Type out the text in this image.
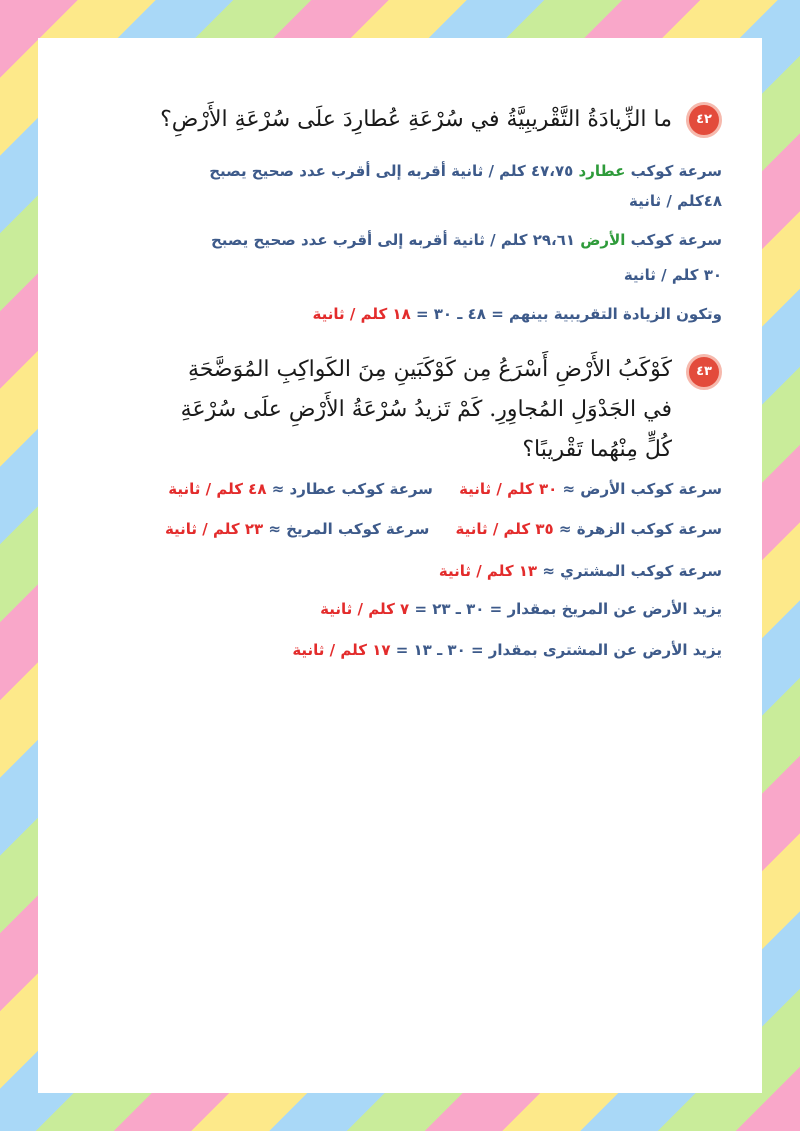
٤٢
ما الزِّيادَةُ التَّقْريبِيَّةُ في سُرْعَةِ عُطارِدَ علَى سُرْعَةِ الأَرْضِ؟
سرعة كوكب عطارد ٤٧،٧٥ كلم / ثانية أقربه إلى أقرب عدد صحيح يصبح
٤٨كلم / ثانية
سرعة كوكب الأرض ٢٩،٦١ كلم / ثانية أقربه إلى أقرب عدد صحيح يصبح
٣٠ كلم / ثانية
وتكون الزيادة التقريبية بينهم = ٤٨ ـ ٣٠ = ١٨ كلم / ثانية
٤٣
كَوْكَبُ الأَرْضِ أَسْرَعُ مِن كَوْكَبَينِ مِنَ الكَواكِبِ المُوَضَّحَةِ في الجَدْوَلِ المُجاوِرِ. كَمْ تَزيدُ سُرْعَةُ الأَرْضِ علَى سُرْعَةِ كُلٍّ مِنْهُما تَقْريبًا؟
سرعة كوكب الأرض ≈ ٣٠ كلم / ثانية     سرعة كوكب عطارد ≈ ٤٨ كلم / ثانية
سرعة كوكب الزهرة ≈ ٣٥ كلم / ثانية     سرعة كوكب المريخ ≈ ٢٣ كلم / ثانية
سرعة كوكب المشتري ≈ ١٣ كلم / ثانية
يزيد الأرض عن المريخ بمقدار = ٣٠ ـ ٢٣ = ٧ كلم / ثانية
يزيد الأرض عن المشترى بمقدار = ٣٠ ـ ١٣ = ١٧ كلم / ثانية
